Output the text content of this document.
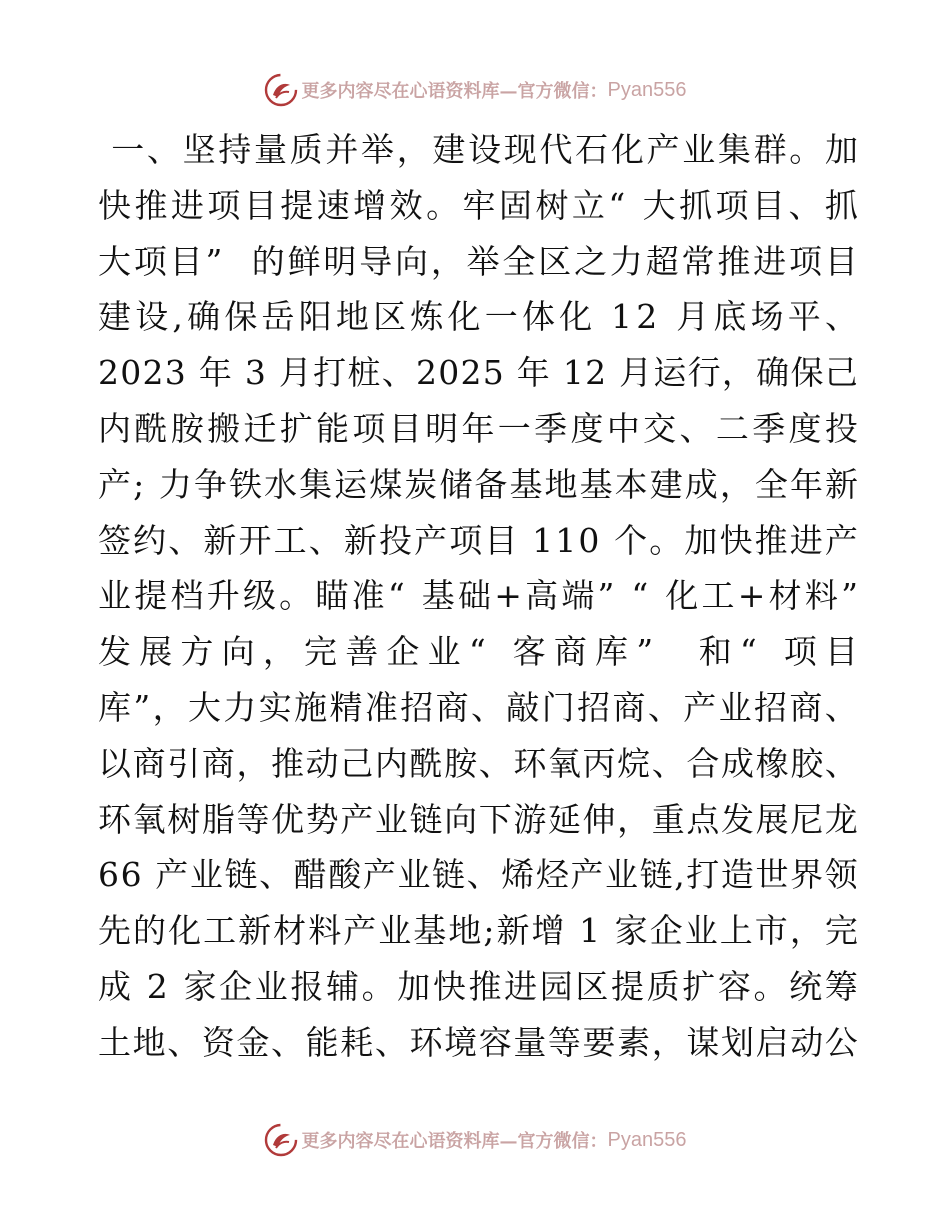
更多内容尽在心语资料库—官方微信： Pyan556

一 、 坚 持 量 质 并 举 ， 建 设 现 代 石 化 产 业 集 群 。 加
快 推 进 项 目 提 速 增 效 。 牢 固 树 立 “
大 抓 项 目 、 抓
大 项 目 ”

的 鲜 明 导 向 ， 举 全 区 之 力 超 常 推 进 项 目
建 设 , 确 保 岳 阳 地 区 炼 化 一 体 化
1 2
月 底 场 平 、
2 0 2 3
年
3
月 打 桩 、 2 0 2 5
年
1 2
月 运 行 ， 确 保 己
内 酰 胺 搬 迁 扩 能 项 目 明 年 一 季 度 中 交 、 二 季 度 投
产 ;
力 争 铁 水 集 运 煤 炭 储 备 基 地 基 本 建 成 ， 全 年 新
签 约 、 新 开 工 、 新 投 产 项 目
1 1 0
个 。 加 快 推 进 产
业 提 档 升 级 。 瞄 准 “
基 础 + 高 端 ”
“
化 工 + 材 料 ”
发 展 方 向 ， 完 善 企 业 “
客 商 库 ”

和 “
项 目
库 ” ， 大 力 实 施 精 准 招 商 、 敲 门 招 商 、 产 业 招 商 、
以 商 引 商 ， 推 动 己 内 酰 胺 、 环 氧 丙 烷 、 合 成 橡 胶 、
环 氧 树 脂 等 优 势 产 业 链 向 下 游 延 伸 ， 重 点 发 展 尼 龙
6 6
产 业 链 、 醋 酸 产 业 链 、 烯 烃 产 业 链 , 打 造 世 界 领
先 的 化 工 新 材 料 产 业 基 地 ; 新 增
1
家 企 业 上 市 ， 完
成
2
家 企 业 报 辅 。 加 快 推 进 园 区 提 质 扩 容 。 统 筹
土 地 、 资 金 、 能 耗 、 环 境 容 量 等 要 素 ， 谋 划 启 动 公
更多内容尽在心语资料库—官方微信： Pyan556
